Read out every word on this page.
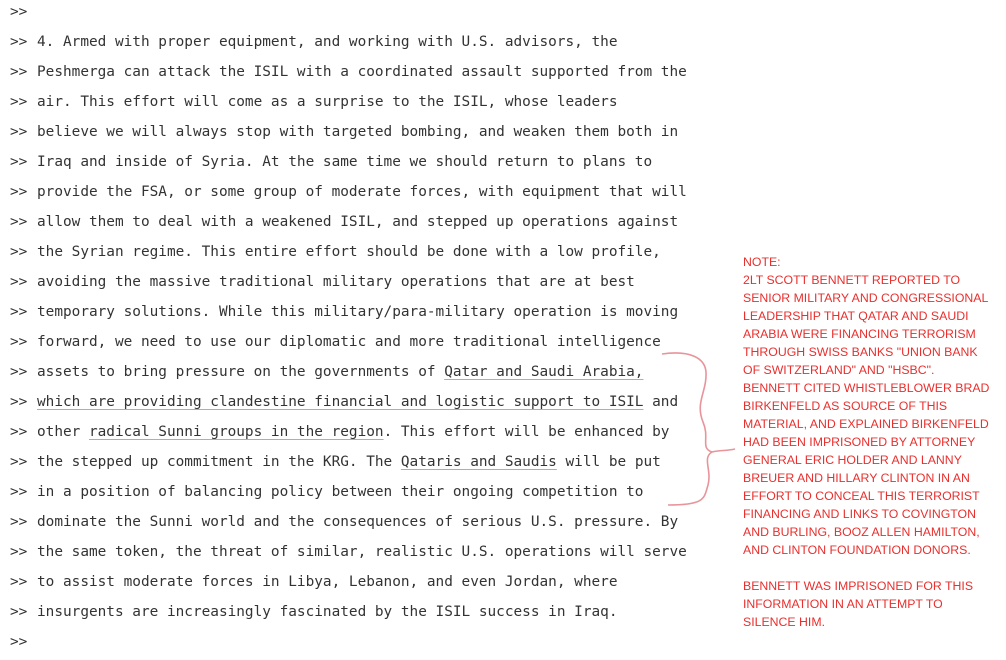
>>
>> 4. Armed with proper equipment, and working with U.S. advisors, the
>> Peshmerga can attack the ISIL with a coordinated assault supported from the
>> air. This effort will come as a surprise to the ISIL, whose leaders
>> believe we will always stop with targeted bombing, and weaken them both in
>> Iraq and inside of Syria. At the same time we should return to plans to
>> provide the FSA, or some group of moderate forces, with equipment that will
>> allow them to deal with a weakened ISIL, and stepped up operations against
>> the Syrian regime. This entire effort should be done with a low profile,
>> avoiding the massive traditional military operations that are at best
>> temporary solutions. While this military/para-military operation is moving
>> forward, we need to use our diplomatic and more traditional intelligence
>> assets to bring pressure on the governments of Qatar and Saudi Arabia,
>> which are providing clandestine financial and logistic support to ISIL and
>> other radical Sunni groups in the region. This effort will be enhanced by
>> the stepped up commitment in the KRG. The Qataris and Saudis will be put
>> in a position of balancing policy between their ongoing competition to
>> dominate the Sunni world and the consequences of serious U.S. pressure. By
>> the same token, the threat of similar, realistic U.S. operations will serve
>> to assist moderate forces in Libya, Lebanon, and even Jordan, where
>> insurgents are increasingly fascinated by the ISIL success in Iraq.
>>
NOTE:
2LT SCOTT BENNETT REPORTED TO
SENIOR MILITARY AND CONGRESSIONAL
LEADERSHIP THAT QATAR AND SAUDI
ARABIA WERE FINANCING TERRORISM
THROUGH SWISS BANKS "UNION BANK
OF SWITZERLAND" AND "HSBC".
BENNETT CITED WHISTLEBLOWER BRAD
BIRKENFELD AS SOURCE OF THIS
MATERIAL, AND EXPLAINED BIRKENFELD
HAD BEEN IMPRISONED BY ATTORNEY
GENERAL ERIC HOLDER AND LANNY
BREUER AND HILLARY CLINTON IN AN
EFFORT TO CONCEAL THIS TERRORIST
FINANCING AND LINKS TO COVINGTON
AND BURLING, BOOZ ALLEN HAMILTON,
AND CLINTON FOUNDATION DONORS.
BENNETT WAS IMPRISONED FOR THIS
INFORMATION IN AN ATTEMPT TO
SILENCE HIM.
